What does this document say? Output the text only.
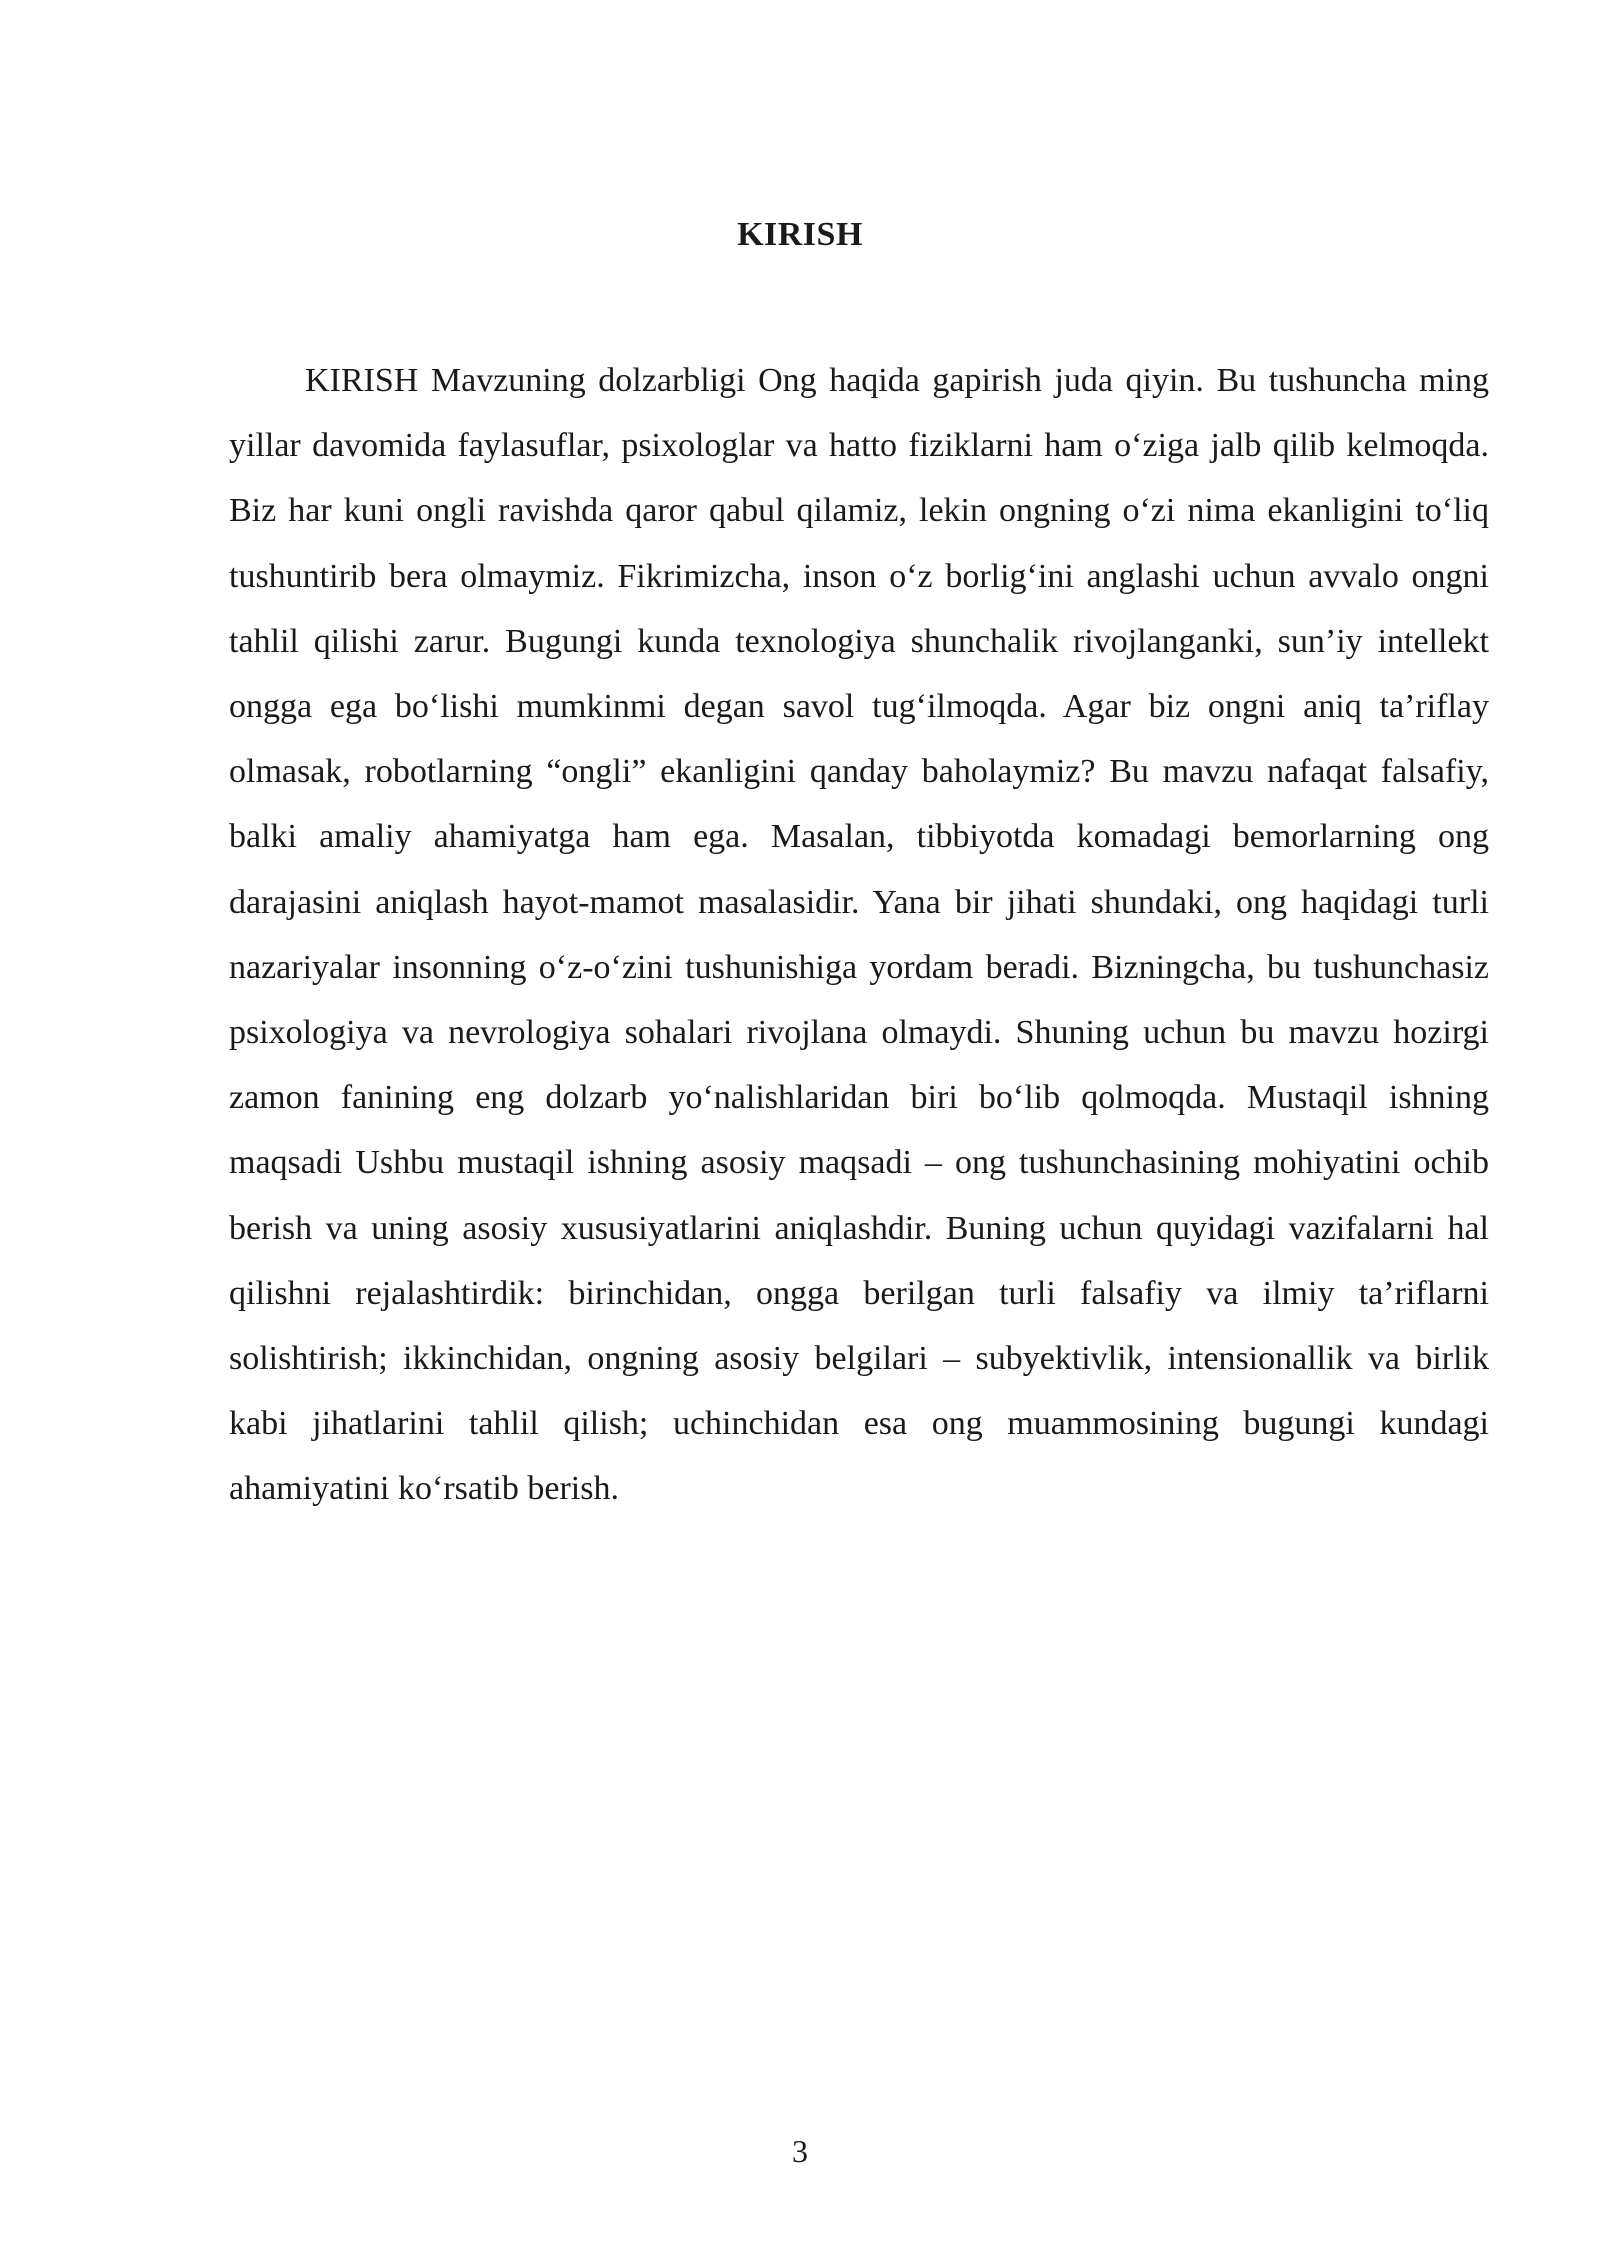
KIRISH

KIRISH Mavzuning dolzarbligi Ong haqida gapirish juda qiyin. Bu tushuncha ming yillar davomida faylasuflar, psixologlar va hatto fiziklarni ham o‘ziga jalb qilib kelmoqda. Biz har kuni ongli ravishda qaror qabul qilamiz, lekin ongning o‘zi nima ekanligini to‘liq tushuntirib bera olmaymiz. Fikrimizcha, inson o‘z borlig‘ini anglashi uchun avvalo ongni tahlil qilishi zarur. Bugungi kunda texnologiya shunchalik rivojlanganki, sun’iy intellekt ongga ega bo‘lishi mumkinmi degan savol tug‘ilmoqda. Agar biz ongni aniq ta’riflay olmasak, robotlarning “ongli” ekanligini qanday baholaymiz? Bu mavzu nafaqat falsafiy, balki amaliy ahamiyatga ham ega. Masalan, tibbiyotda komadagi bemorlarning ong darajasini aniqlash hayot-mamot masalasidir. Yana bir jihati shundaki, ong haqidagi turli nazariyalar insonning o‘z-o‘zini tushunishiga yordam beradi. Bizningcha, bu tushunchasiz psixologiya va nevrologiya sohalari rivojlana olmaydi. Shuning uchun bu mavzu hozirgi zamon fanining eng dolzarb yo‘nalishlaridan biri bo‘lib qolmoqda. Mustaqil ishning maqsadi Ushbu mustaqil ishning asosiy maqsadi – ong tushunchasining mohiyatini ochib berish va uning asosiy xususiyatlarini aniqlashdir. Buning uchun quyidagi vazifalarni hal qilishni rejalashtirdik: birinchidan, ongga berilgan turli falsafiy va ilmiy ta’riflarni solishtirish; ikkinchidan, ongning asosiy belgilari – subyektivlik, intensionallik va birlik kabi jihatlarini tahlil qilish; uchinchidan esa ong muammosining bugungi kundagi ahamiyatini ko‘rsatib berish.

3
